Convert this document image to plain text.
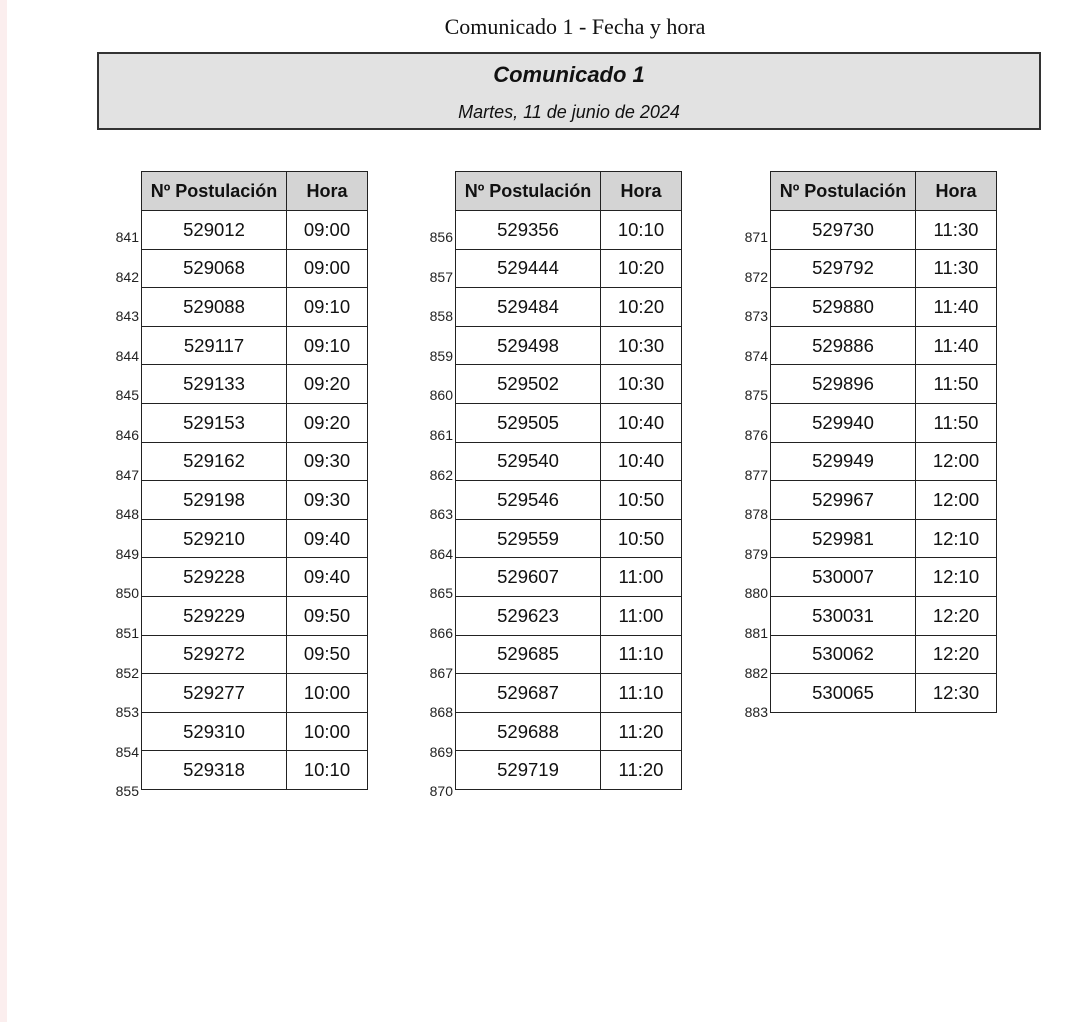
Comunicado 1 - Fecha y hora
Comunicado 1
Martes, 11 de junio de 2024
841
842
843
844
845
846
847
848
849
850
851
852
853
854
855
Nº Postulación	Hora
529012	09:00
529068	09:00
529088	09:10
529117	09:10
529133	09:20
529153	09:20
529162	09:30
529198	09:30
529210	09:40
529228	09:40
529229	09:50
529272	09:50
529277	10:00
529310	10:00
529318	10:10
856
857
858
859
860
861
862
863
864
865
866
867
868
869
870
Nº Postulación	Hora
529356	10:10
529444	10:20
529484	10:20
529498	10:30
529502	10:30
529505	10:40
529540	10:40
529546	10:50
529559	10:50
529607	11:00
529623	11:00
529685	11:10
529687	11:10
529688	11:20
529719	11:20
871
872
873
874
875
876
877
878
879
880
881
882
883
Nº Postulación	Hora
529730	11:30
529792	11:30
529880	11:40
529886	11:40
529896	11:50
529940	11:50
529949	12:00
529967	12:00
529981	12:10
530007	12:10
530031	12:20
530062	12:20
530065	12:30
